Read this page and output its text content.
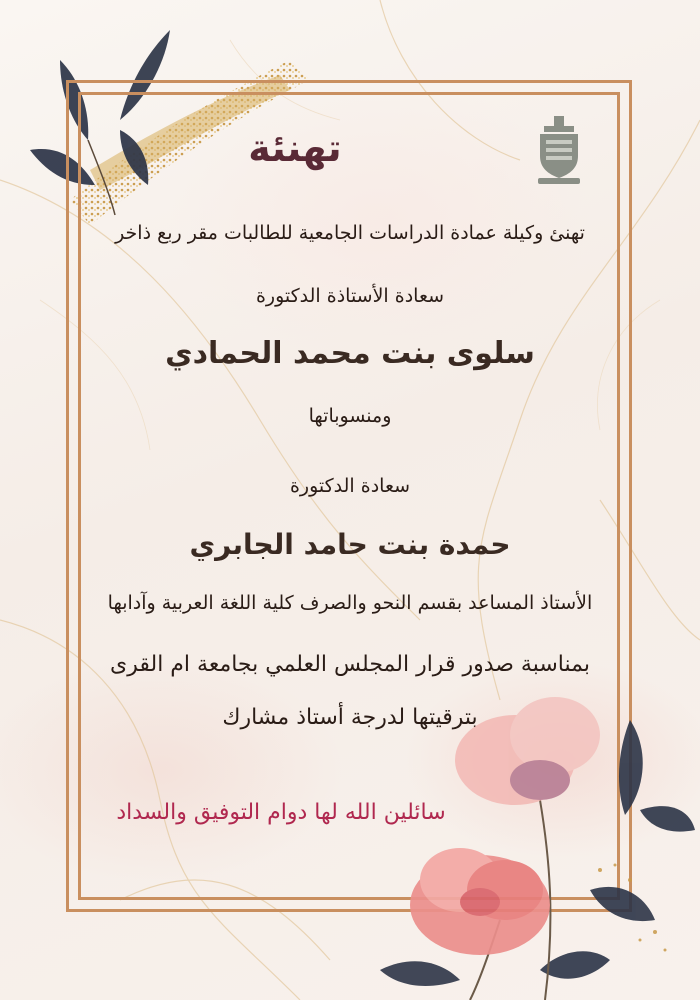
تهنئة
تهنئ وكيلة عمادة الدراسات الجامعية للطالبات مقر ربع ذاخر
سعادة الأستاذة الدكتورة
سلوى بنت محمد الحمادي
ومنسوباتها
سعادة الدكتورة
حمدة بنت حامد الجابري
الأستاذ المساعد بقسم النحو والصرف كلية اللغة العربية وآدابها
بمناسبة صدور قرار المجلس العلمي بجامعة ام القرى
بترقيتها لدرجة أستاذ مشارك
سائلين الله لها دوام التوفيق والسداد
